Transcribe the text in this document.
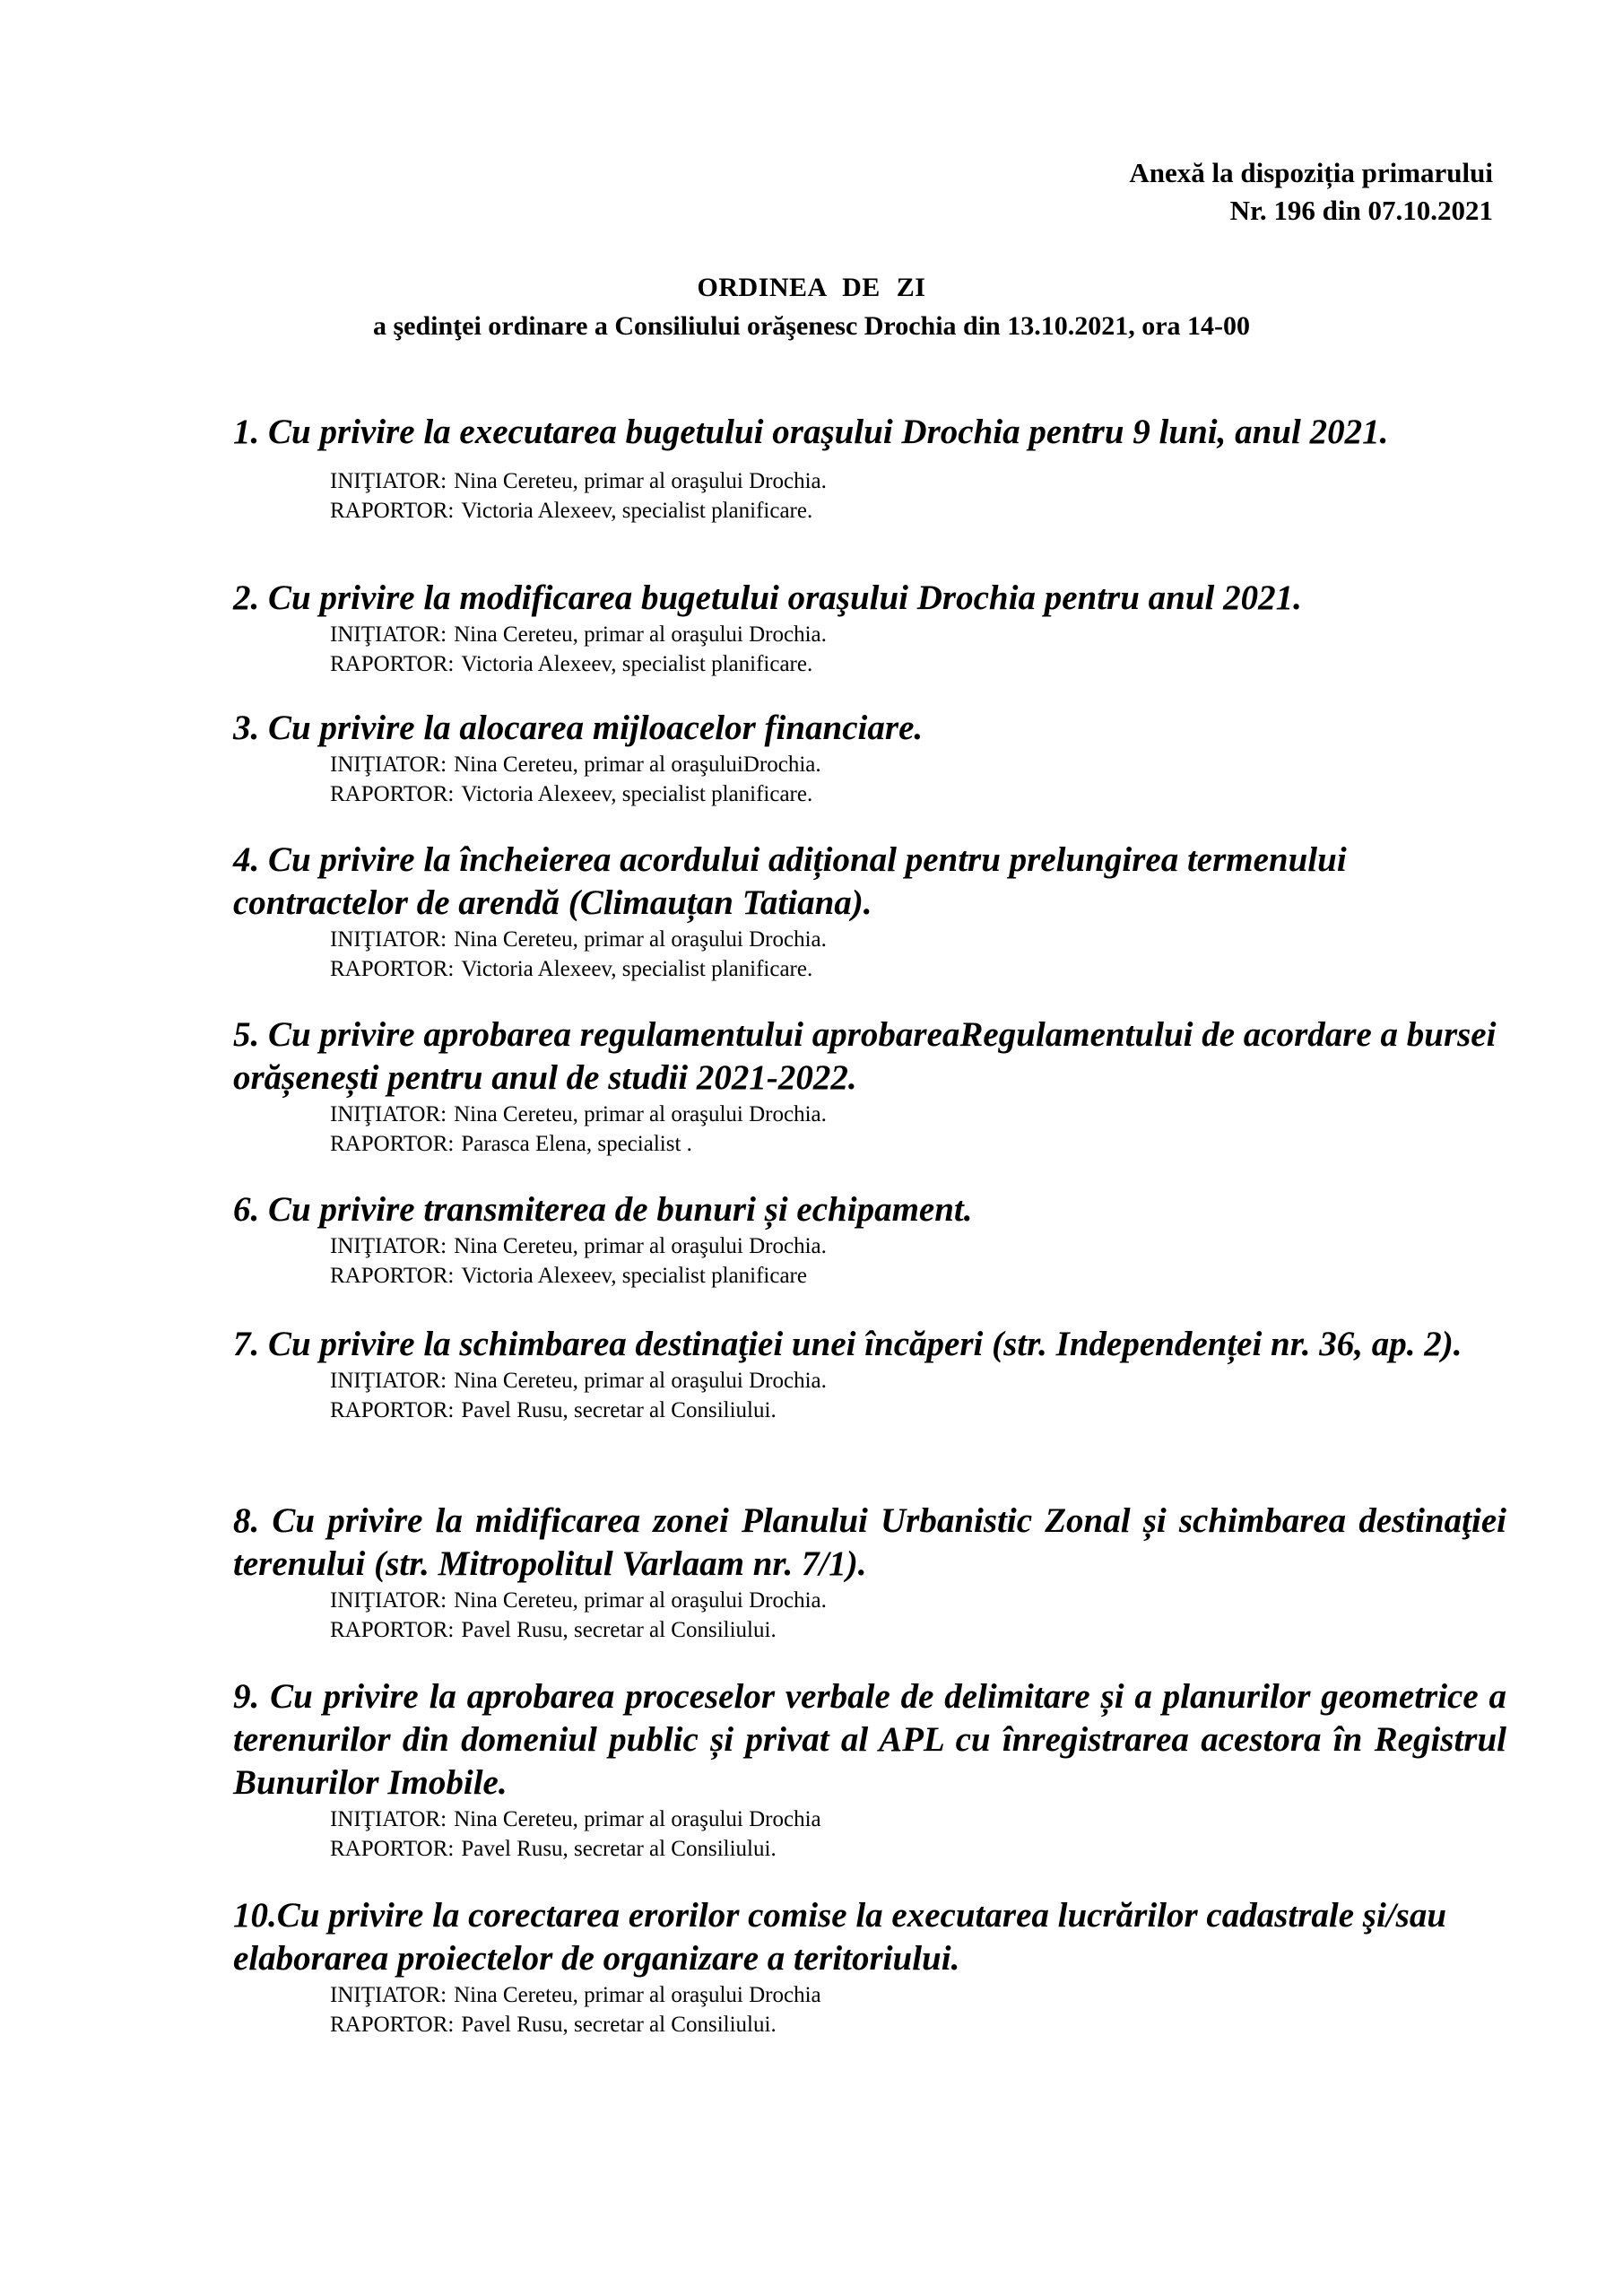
Anexă la dispoziția primarului
Nr. 196 din 07.10.2021
ORDINEA DE ZI
a şedinţei ordinare a Consiliului orăşenesc Drochia din 13.10.2021, ora 14-00

1. Cu privire la executarea bugetului oraşului Drochia pentru 9 luni, anul 2021.

INIŢIATOR: Nina Cereteu, primar al oraşului Drochia.

RAPORTOR: Victoria Alexeev, specialist planificare.

2. Cu privire la modificarea bugetului oraşului Drochia pentru anul 2021.

INIŢIATOR: Nina Cereteu, primar al oraşului Drochia.

RAPORTOR: Victoria Alexeev, specialist planificare.

3. Cu privire la alocarea mijloacelor financiare.

INIŢIATOR: Nina Cereteu, primar al oraşuluiDrochia.

RAPORTOR: Victoria Alexeev, specialist planificare.

4. Cu privire la încheierea acordului adițional pentru prelungirea termenului contractelor de arendă (Climauțan Tatiana).

INIŢIATOR: Nina Cereteu, primar al oraşului Drochia.

RAPORTOR: Victoria Alexeev, specialist planificare.

5. Cu privire aprobarea regulamentului aprobareaRegulamentului de acordare a bursei orășenești pentru anul de studii 2021-2022.

INIŢIATOR: Nina Cereteu, primar al oraşului Drochia.

RAPORTOR: Parasca Elena, specialist .

6. Cu privire transmiterea de bunuri și echipament.

INIŢIATOR: Nina Cereteu, primar al oraşului Drochia.

RAPORTOR: Victoria Alexeev, specialist planificare

7. Cu privire la schimbarea destinaţiei unei încăperi (str. Independenței nr. 36, ap. 2).

INIŢIATOR: Nina Cereteu, primar al oraşului Drochia.

RAPORTOR: Pavel Rusu, secretar al Consiliului.

8. Cu privire la midificarea zonei Planului Urbanistic Zonal și schimbarea destinaţiei terenului (str. Mitropolitul Varlaam nr. 7/1).

INIŢIATOR: Nina Cereteu, primar al oraşului Drochia.

RAPORTOR: Pavel Rusu, secretar al Consiliului.

9. Cu privire la aprobarea proceselor verbale de delimitare și a planurilor geometrice a terenurilor din domeniul public și privat al APL cu înregistrarea acestora în Registrul Bunurilor Imobile.

INIŢIATOR: Nina Cereteu, primar al oraşului Drochia

RAPORTOR: Pavel Rusu, secretar al Consiliului.

10.Cu privire la corectarea erorilor comise la executarea lucrărilor cadastrale şi/sau elaborarea proiectelor de organizare a teritoriului.

INIŢIATOR: Nina Cereteu, primar al oraşului Drochia

RAPORTOR: Pavel Rusu, secretar al Consiliului.
